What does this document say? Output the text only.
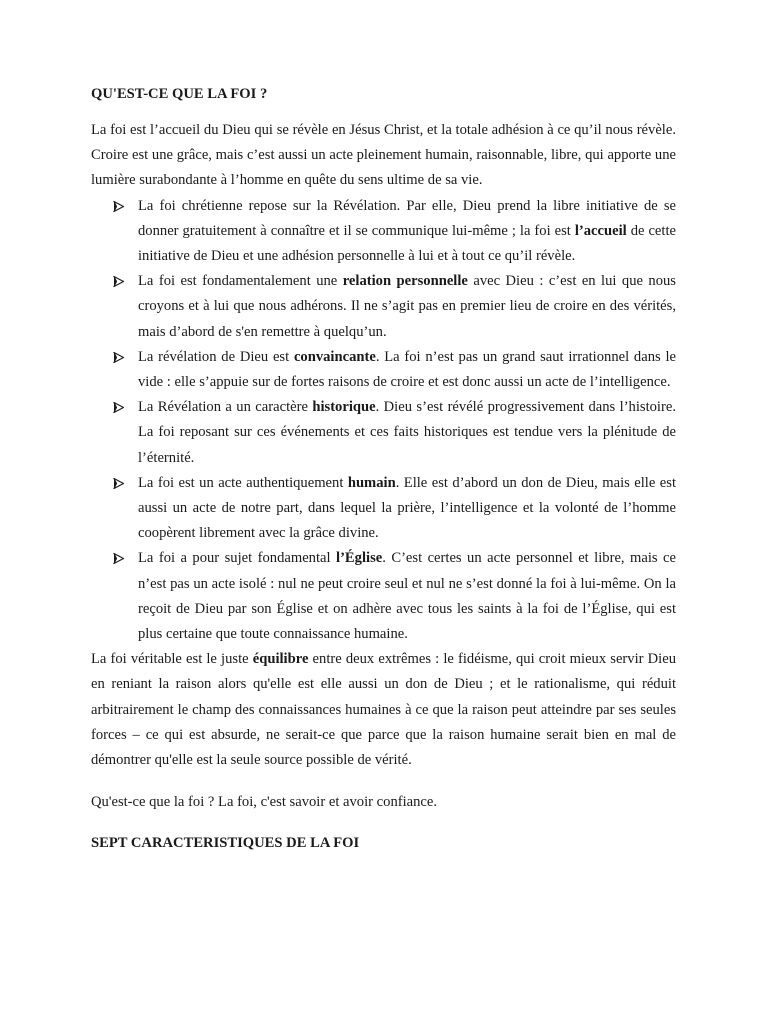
QU'EST-CE QUE LA FOI ?

La foi est l’accueil du Dieu qui se révèle en Jésus Christ, et la totale adhésion à ce qu’il nous révèle. Croire est une grâce, mais c’est aussi un acte pleinement humain, raisonnable, libre, qui apporte une lumière surabondante à l’homme en quête du sens ultime de sa vie.

La foi chrétienne repose sur la Révélation. Par elle, Dieu prend la libre initiative de se donner gratuitement à connaître et il se communique lui-même ; la foi est l’accueil de cette initiative de Dieu et une adhésion personnelle à lui et à tout ce qu’il révèle.
La foi est fondamentalement une relation personnelle avec Dieu : c’est en lui que nous croyons et à lui que nous adhérons. Il ne s’agit pas en premier lieu de croire en des vérités, mais d’abord de s'en remettre à quelqu’un.
La révélation de Dieu est convaincante. La foi n’est pas un grand saut irrationnel dans le vide : elle s’appuie sur de fortes raisons de croire et est donc aussi un acte de l’intelligence.
La Révélation a un caractère historique. Dieu s’est révélé progressivement dans l’histoire. La foi reposant sur ces événements et ces faits historiques est tendue vers la plénitude de l’éternité.
La foi est un acte authentiquement humain. Elle est d’abord un don de Dieu, mais elle est aussi un acte de notre part, dans lequel la prière, l’intelligence et la volonté de l’homme coopèrent librement avec la grâce divine.
La foi a pour sujet fondamental l’Église. C’est certes un acte personnel et libre, mais ce n’est pas un acte isolé : nul ne peut croire seul et nul ne s’est donné la foi à lui-même. On la reçoit de Dieu par son Église et on adhère avec tous les saints à la foi de l’Église, qui est plus certaine que toute connaissance humaine.

La foi véritable est le juste équilibre entre deux extrêmes : le fidéisme, qui croit mieux servir Dieu en reniant la raison alors qu'elle est elle aussi un don de Dieu ; et le rationalisme, qui réduit arbitrairement le champ des connaissances humaines à ce que la raison peut atteindre par ses seules forces – ce qui est absurde, ne serait-ce que parce que la raison humaine serait bien en mal de démontrer qu'elle est la seule source possible de vérité.

Qu'est-ce que la foi ? La foi, c'est savoir et avoir confiance.

SEPT CARACTERISTIQUES DE LA FOI
